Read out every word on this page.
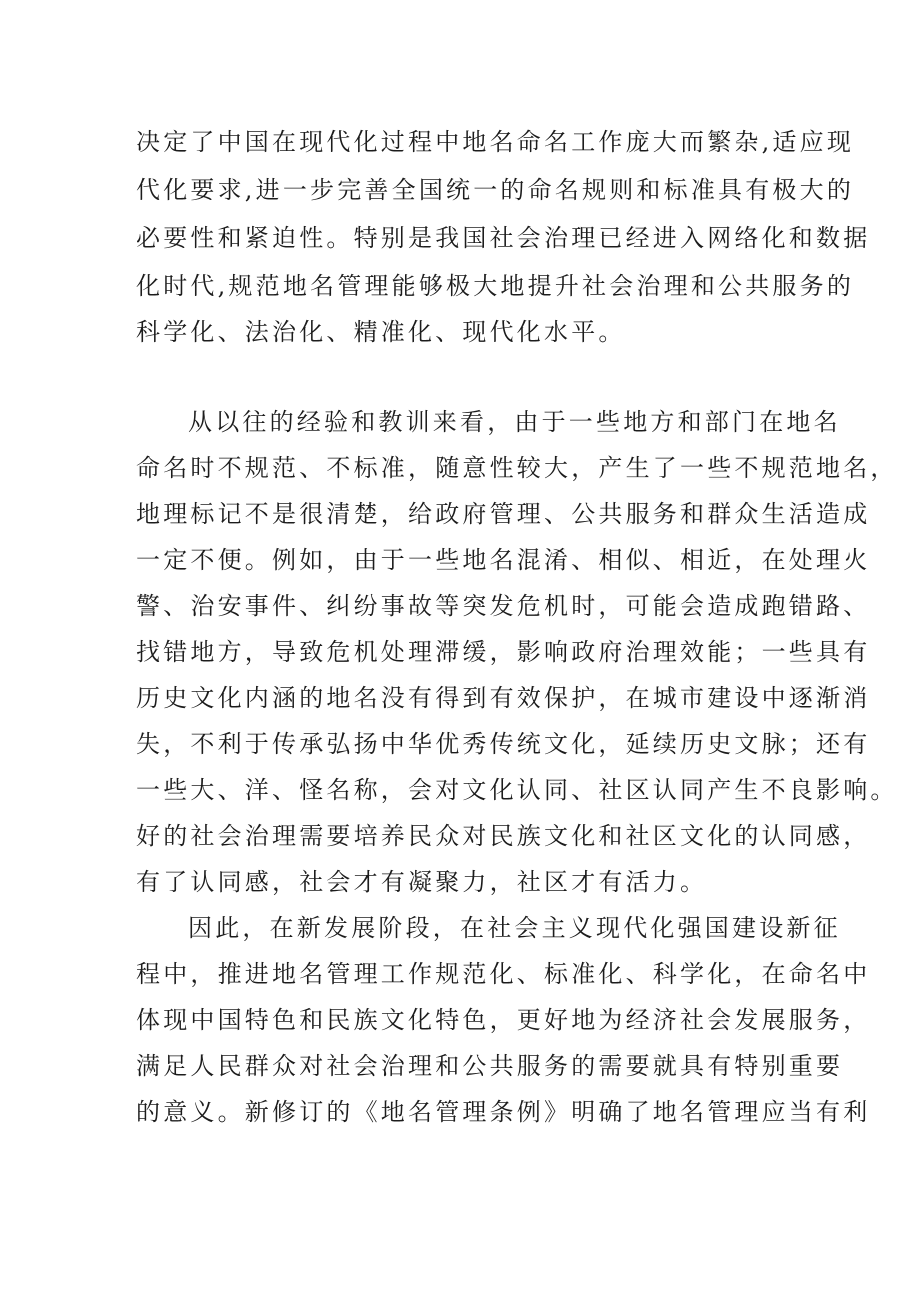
决定了中国在现代化过程中地名命名工作庞大而繁杂,适应现
代化要求,进一步完善全国统一的命名规则和标准具有极大的
必要性和紧迫性。特别是我国社会治理已经进入网络化和数据
化时代,规范地名管理能够极大地提升社会治理和公共服务的
科学化、法治化、精准化、现代化水平。
从以往的经验和教训来看，由于一些地方和部门在地名
命名时不规范、不标准，随意性较大，产生了一些不规范地名，
地理标记不是很清楚，给政府管理、公共服务和群众生活造成
一定不便。例如，由于一些地名混淆、相似、相近，在处理火
警、治安事件、纠纷事故等突发危机时，可能会造成跑错路、
找错地方，导致危机处理滞缓，影响政府治理效能；一些具有
历史文化内涵的地名没有得到有效保护，在城市建设中逐渐消
失，不利于传承弘扬中华优秀传统文化，延续历史文脉；还有
一些大、洋、怪名称，会对文化认同、社区认同产生不良影响。
好的社会治理需要培养民众对民族文化和社区文化的认同感，
有了认同感，社会才有凝聚力，社区才有活力。
因此，在新发展阶段，在社会主义现代化强国建设新征
程中，推进地名管理工作规范化、标准化、科学化，在命名中
体现中国特色和民族文化特色，更好地为经济社会发展服务，
满足人民群众对社会治理和公共服务的需要就具有特别重要
的意义。新修订的《地名管理条例》明确了地名管理应当有利
